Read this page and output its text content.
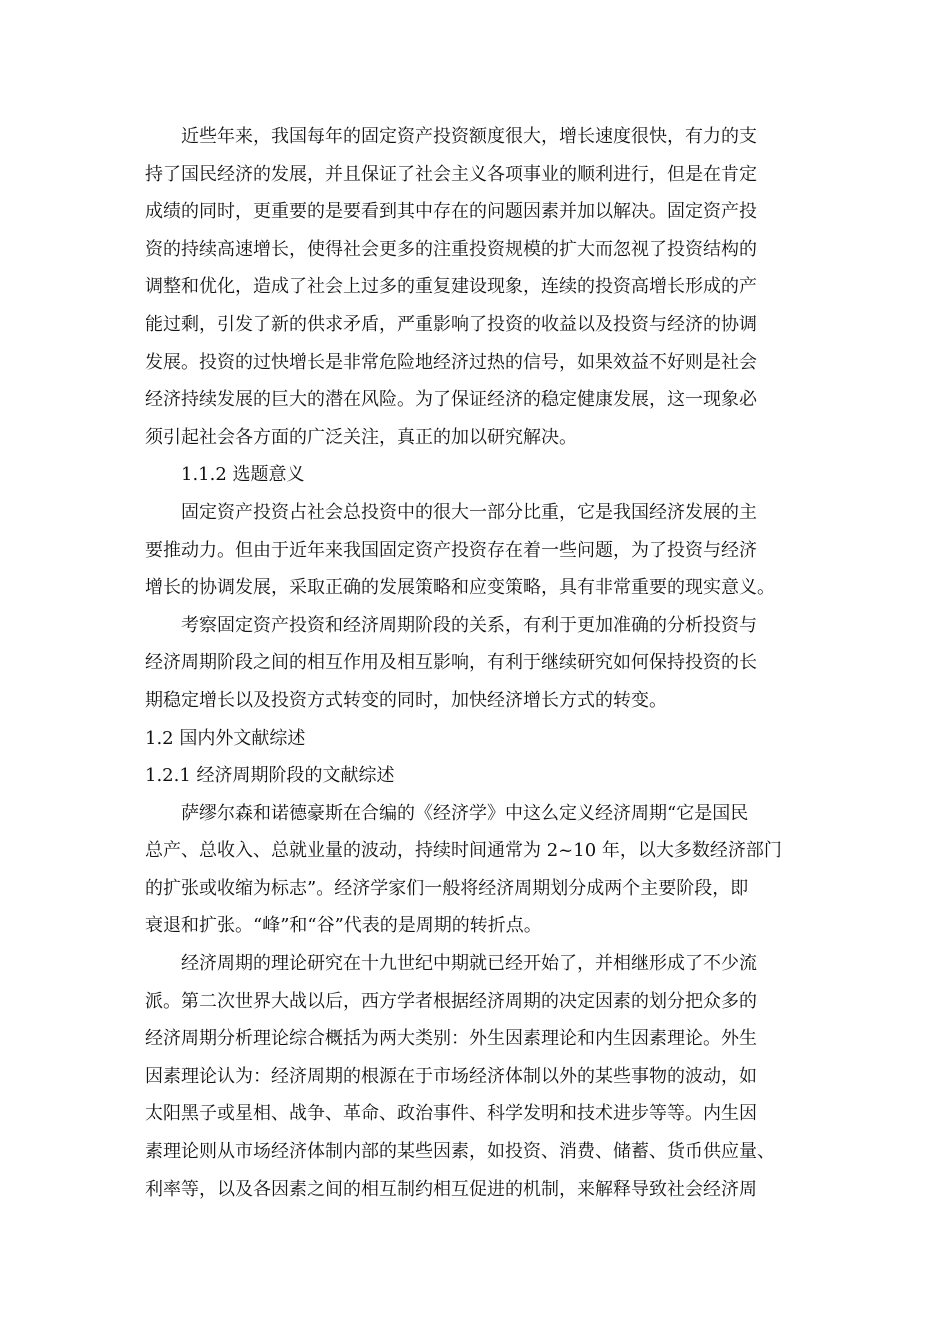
近些年来，我国每年的固定资产投资额度很大，增长速度很快，有力的支
持了国民经济的发展，并且保证了社会主义各项事业的顺利进行，但是在肯定
成绩的同时，更重要的是要看到其中存在的问题因素并加以解决。固定资产投
资的持续高速增长，使得社会更多的注重投资规模的扩大而忽视了投资结构的
调整和优化，造成了社会上过多的重复建设现象，连续的投资高增长形成的产
能过剩，引发了新的供求矛盾，严重影响了投资的收益以及投资与经济的协调
发展。投资的过快增长是非常危险地经济过热的信号，如果效益不好则是社会
经济持续发展的巨大的潜在风险。为了保证经济的稳定健康发展，这一现象必
须引起社会各方面的广泛关注，真正的加以研究解决。
1.1.2 选题意义
固定资产投资占社会总投资中的很大一部分比重，它是我国经济发展的主
要推动力。但由于近年来我国固定资产投资存在着一些问题，为了投资与经济
增长的协调发展，采取正确的发展策略和应变策略，具有非常重要的现实意义。
考察固定资产投资和经济周期阶段的关系，有利于更加准确的分析投资与
经济周期阶段之间的相互作用及相互影响，有利于继续研究如何保持投资的长
期稳定增长以及投资方式转变的同时，加快经济增长方式的转变。
1.2 国内外文献综述
1.2.1 经济周期阶段的文献综述
萨缪尔森和诺德豪斯在合编的《经济学》中这么定义经济周期“它是国民
总产、总收入、总就业量的波动，持续时间通常为 2~10 年，以大多数经济部门
的扩张或收缩为标志”。经济学家们一般将经济周期划分成两个主要阶段，即
衰退和扩张。“峰”和“谷”代表的是周期的转折点。
经济周期的理论研究在十九世纪中期就已经开始了，并相继形成了不少流
派。第二次世界大战以后，西方学者根据经济周期的决定因素的划分把众多的
经济周期分析理论综合概括为两大类别：外生因素理论和内生因素理论。外生
因素理论认为：经济周期的根源在于市场经济体制以外的某些事物的波动，如
太阳黑子或星相、战争、革命、政治事件、科学发明和技术进步等等。内生因
素理论则从市场经济体制内部的某些因素，如投资、消费、储蓄、货币供应量、
利率等，以及各因素之间的相互制约相互促进的机制，来解释导致社会经济周
